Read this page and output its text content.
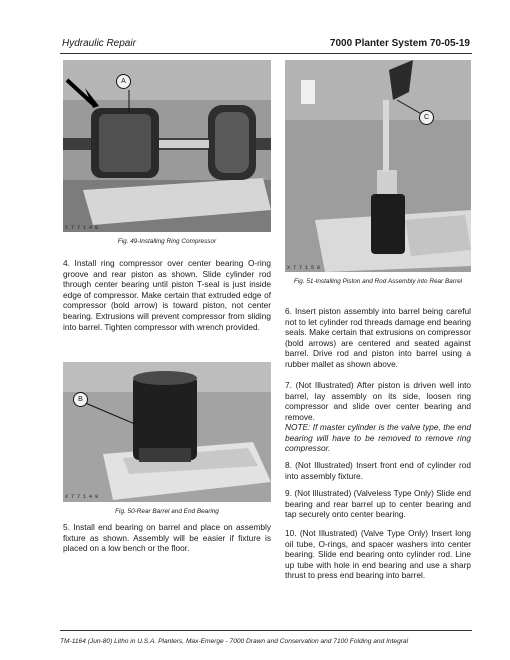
Hydraulic Repair	7000 Planter System 70-05-19
A
X 7 7 1 4 8
Fig. 49-Installing Ring Compressor

4. Install ring compressor over center bearing O-ring groove and rear piston as shown. Slide cylinder rod through center bearing until piston T-seal is just inside edge of compressor. Make certain that extruded edge of compressor (bold arrow) is toward piston, not center bearing. Extrusions will prevent compressor from sliding into barrel. Tighten compressor with wrench provided.

B
X 7 7 1 4 9
Fig. 50-Rear Barrel and End Bearing

5. Install end bearing on barrel and place on assembly fixture as shown. Assembly will be easier if fixture is placed on a low bench or the floor.

C
X 7 7 1 5 0
Fig. 51-Installing Piston and Rod Assembly into Rear Barrel

6. Insert piston assembly into barrel being careful not to let cylinder rod threads damage end bearing seals. Make certain that extrusions on compressor (bold arrows) are centered and seated against barrel. Drive rod and piston into barrel using a rubber mallet as shown above.

7. (Not Illustrated) After piston is driven well into barrel, lay assembly on its side, loosen ring compressor and slide over center bearing and remove.

NOTE: If master cylinder is the valve type, the end bearing will have to be removed to remove ring compressor.

8. (Not Illustrated) Insert front end of cylinder rod into assembly fixture.

9. (Not Illustrated) (Valveless Type Only) Slide end bearing and rear barrel up to center bearing and tap securely onto center bearing.

10. (Not Illustrated) (Valve Type Only) Insert long oil tube, O-rings, and spacer washers into center bearing. Slide end bearing onto cylinder rod. Line up tube with hole in end bearing and use a sharp thrust to press end bearing into barrel.

TM-1164 (Jun-80) Litho in U.S.A. Planters, Max-Emerge - 7000 Drawn and Conservation and 7100 Folding and Integral
